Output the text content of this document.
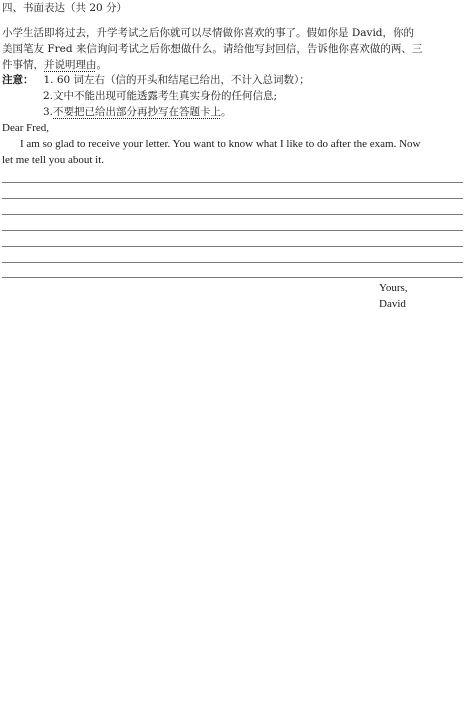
四、书面表达（共 20 分）
小学生活即将过去，升学考试之后你就可以尽情做你喜欢的事了。假如你是 David，你的
美国笔友 Fred 来信询问考试之后你想做什么。请给他写封回信，告诉他你喜欢做的两、三
件事情，并说明理由。
注意： 1. 60 词左右（信的开头和结尾已给出，不计入总词数）；
2.文中不能出现可能透露考生真实身份的任何信息;
3.不要把已给出部分再抄写在答题卡上。
Dear Fred,
I am so glad to receive your letter. You want to know what I like to do after the exam. Now
let me tell you about it.
Yours,
David
